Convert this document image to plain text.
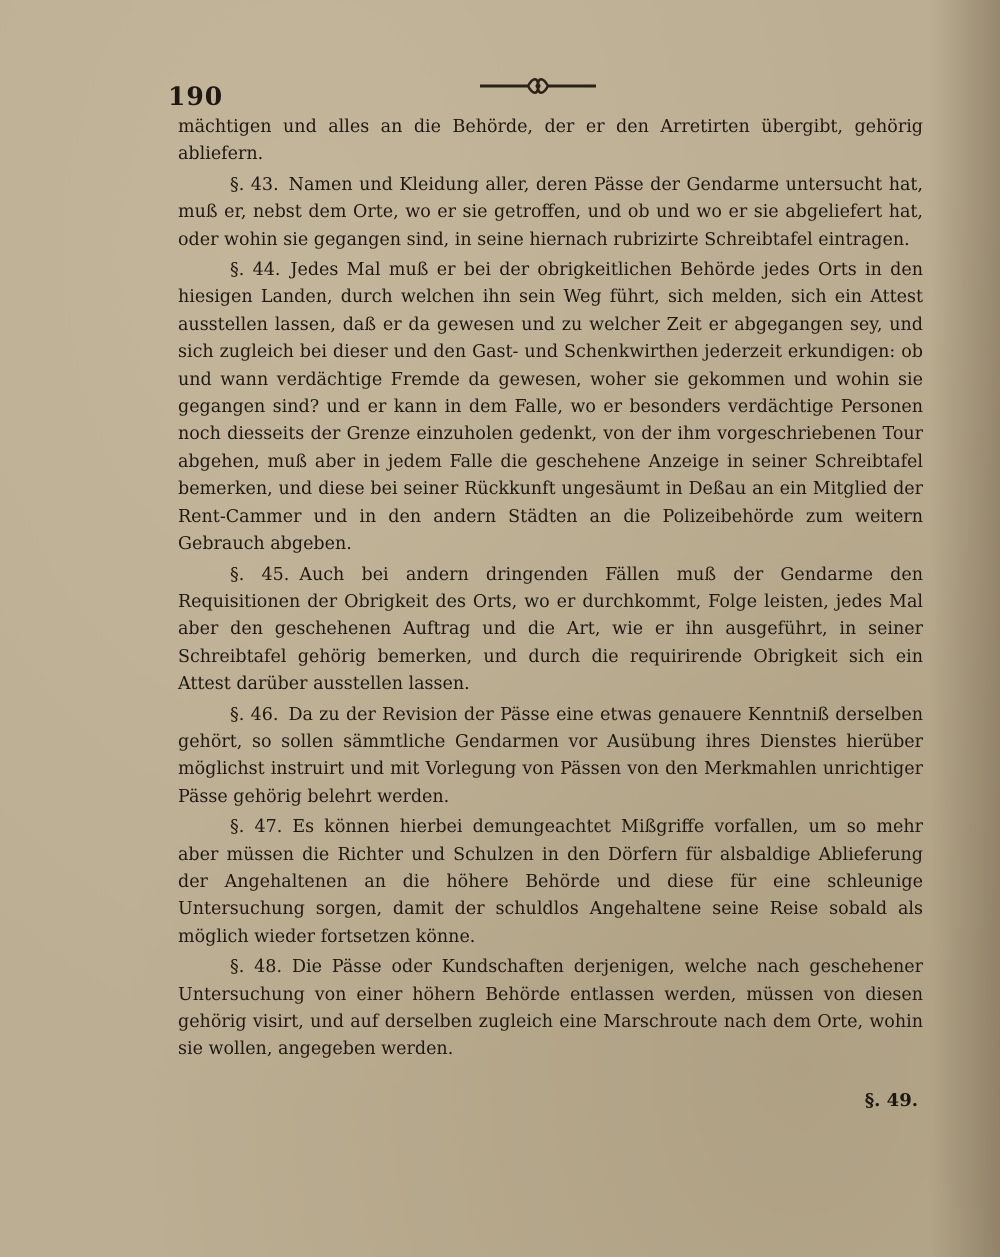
190

mächtigen und alles an die Behörde, der er den Arretirten übergibt, gehörig abliefern.

§. 43. Namen und Kleidung aller, deren Pässe der Gendarme untersucht hat, muß er, nebst dem Orte, wo er sie getroffen, und ob und wo er sie abgeliefert hat, oder wohin sie gegangen sind, in seine hiernach rubrizirte Schreibtafel eintragen.

§. 44. Jedes Mal muß er bei der obrigkeitlichen Behörde jedes Orts in den hiesigen Landen, durch welchen ihn sein Weg führt, sich melden, sich ein Attest ausstellen lassen, daß er da gewesen und zu welcher Zeit er abgegangen sey, und sich zugleich bei dieser und den Gast- und Schenkwirthen jederzeit erkundigen: ob und wann verdächtige Fremde da gewesen, woher sie gekommen und wohin sie gegangen sind? und er kann in dem Falle, wo er besonders verdächtige Personen noch diesseits der Grenze einzuholen gedenkt, von der ihm vorgeschriebenen Tour abgehen, muß aber in jedem Falle die geschehene Anzeige in seiner Schreibtafel bemerken, und diese bei seiner Rückkunft ungesäumt in Deßau an ein Mitglied der Rent-Cammer und in den andern Städten an die Polizeibehörde zum weitern Gebrauch abgeben.

§. 45. Auch bei andern dringenden Fällen muß der Gendarme den Requisitionen der Obrigkeit des Orts, wo er durchkommt, Folge leisten, jedes Mal aber den geschehenen Auftrag und die Art, wie er ihn ausgeführt, in seiner Schreibtafel gehörig bemerken, und durch die requirirende Obrigkeit sich ein Attest darüber ausstellen lassen.

§. 46. Da zu der Revision der Pässe eine etwas genauere Kenntniß derselben gehört, so sollen sämmtliche Gendarmen vor Ausübung ihres Dienstes hierüber möglichst instruirt und mit Vorlegung von Pässen von den Merkmahlen unrichtiger Pässe gehörig belehrt werden.

§. 47. Es können hierbei demungeachtet Mißgriffe vorfallen, um so mehr aber müssen die Richter und Schulzen in den Dörfern für alsbaldige Ablieferung der Angehaltenen an die höhere Behörde und diese für eine schleunige Untersuchung sorgen, damit der schuldlos Angehaltene seine Reise sobald als möglich wieder fortsetzen könne.

§. 48. Die Pässe oder Kundschaften derjenigen, welche nach geschehener Untersuchung von einer höhern Behörde entlassen werden, müssen von diesen gehörig visirt, und auf derselben zugleich eine Marschroute nach dem Orte, wohin sie wollen, angegeben werden.

§. 49.
